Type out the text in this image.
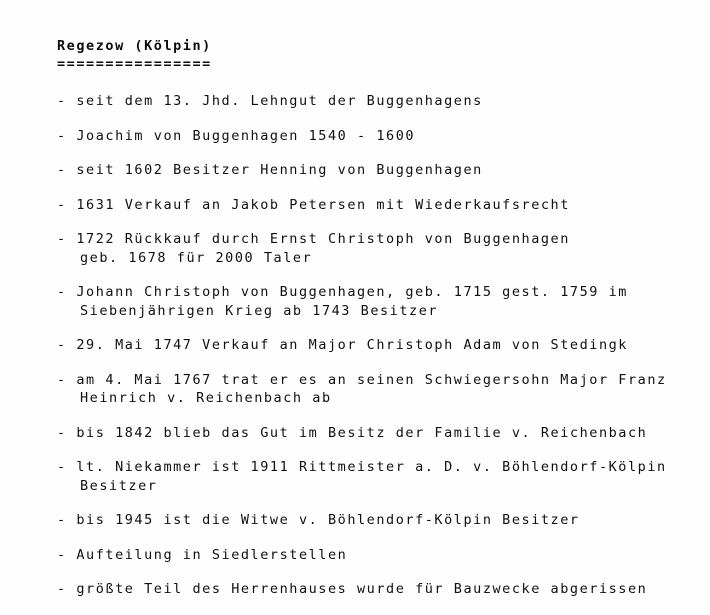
Regezow (Kölpin)
================
- seit dem 13. Jhd. Lehngut der Buggenhagens
- Joachim von Buggenhagen 1540 - 1600
- seit 1602 Besitzer Henning von Buggenhagen
- 1631 Verkauf an Jakob Petersen mit Wiederkaufsrecht
- 1722 Rückkauf durch Ernst Christoph von Buggenhagen
geb. 1678 für 2000 Taler
- Johann Christoph von Buggenhagen, geb. 1715 gest. 1759 im
Siebenjährigen Krieg ab 1743 Besitzer
- 29. Mai 1747 Verkauf an Major Christoph Adam von Stedingk
- am 4. Mai 1767 trat er es an seinen Schwiegersohn Major Franz
Heinrich v. Reichenbach ab
- bis 1842 blieb das Gut im Besitz der Familie v. Reichenbach
- lt. Niekammer ist 1911 Rittmeister a. D. v. Böhlendorf-Kölpin
Besitzer
- bis 1945 ist die Witwe v. Böhlendorf-Kölpin Besitzer
- Aufteilung in Siedlerstellen
- größte Teil des Herrenhauses wurde für Bauzwecke abgerissen
